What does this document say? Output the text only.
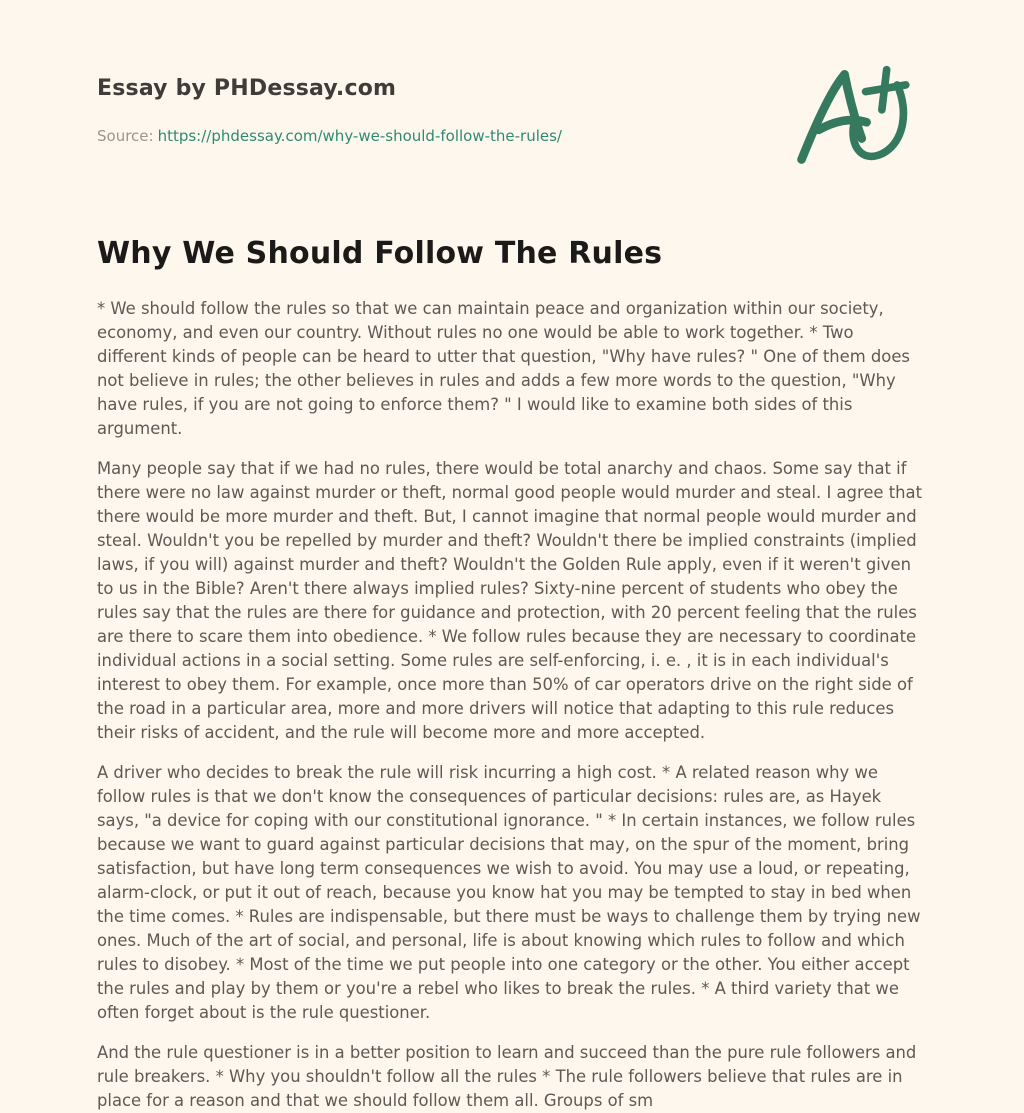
Essay by PHDessay.com
Source: https://phdessay.com/why-we-should-follow-the-rules/
Why We Should Follow The Rules

* We should follow the rules so that we can maintain peace and organization within our society, economy, and even our country. Without rules no one would be able to work together. * Two different kinds of people can be heard to utter that question, "Why have rules? " One of them does not believe in rules; the other believes in rules and adds a few more words to the question, "Why have rules, if you are not going to enforce them? " I would like to examine both sides of this argument.

Many people say that if we had no rules, there would be total anarchy and chaos. Some say that if there were no law against murder or theft, normal good people would murder and steal. I agree that there would be more murder and theft. But, I cannot imagine that normal people would murder and steal. Wouldn't you be repelled by murder and theft? Wouldn't there be implied constraints (implied laws, if you will) against murder and theft? Wouldn't the Golden Rule apply, even if it weren't given to us in the Bible? Aren't there always implied rules? Sixty-nine percent of students who obey the rules say that the rules are there for guidance and protection, with 20 percent feeling that the rules are there to scare them into obedience. * We follow rules because they are necessary to coordinate individual actions in a social setting. Some rules are self-enforcing, i. e. , it is in each individual's interest to obey them. For example, once more than 50% of car operators drive on the right side of the road in a particular area, more and more drivers will notice that adapting to this rule reduces their risks of accident, and the rule will become more and more accepted.

A driver who decides to break the rule will risk incurring a high cost. * A related reason why we follow rules is that we don't know the consequences of particular decisions: rules are, as Hayek says, "a device for coping with our constitutional ignorance. " * In certain instances, we follow rules because we want to guard against particular decisions that may, on the spur of the moment, bring satisfaction, but have long term consequences we wish to avoid. You may use a loud, or repeating, alarm-clock, or put it out of reach, because you know hat you may be tempted to stay in bed when the time comes. * Rules are indispensable, but there must be ways to challenge them by trying new ones. Much of the art of social, and personal, life is about knowing which rules to follow and which rules to disobey. * Most of the time we put people into one category or the other. You either accept the rules and play by them or you're a rebel who likes to break the rules. * A third variety that we often forget about is the rule questioner.

And the rule questioner is in a better position to learn and succeed than the pure rule followers and rule breakers. * Why you shouldn't follow all the rules * The rule followers believe that rules are in place for a reason and that we should follow them all. Groups of sm
